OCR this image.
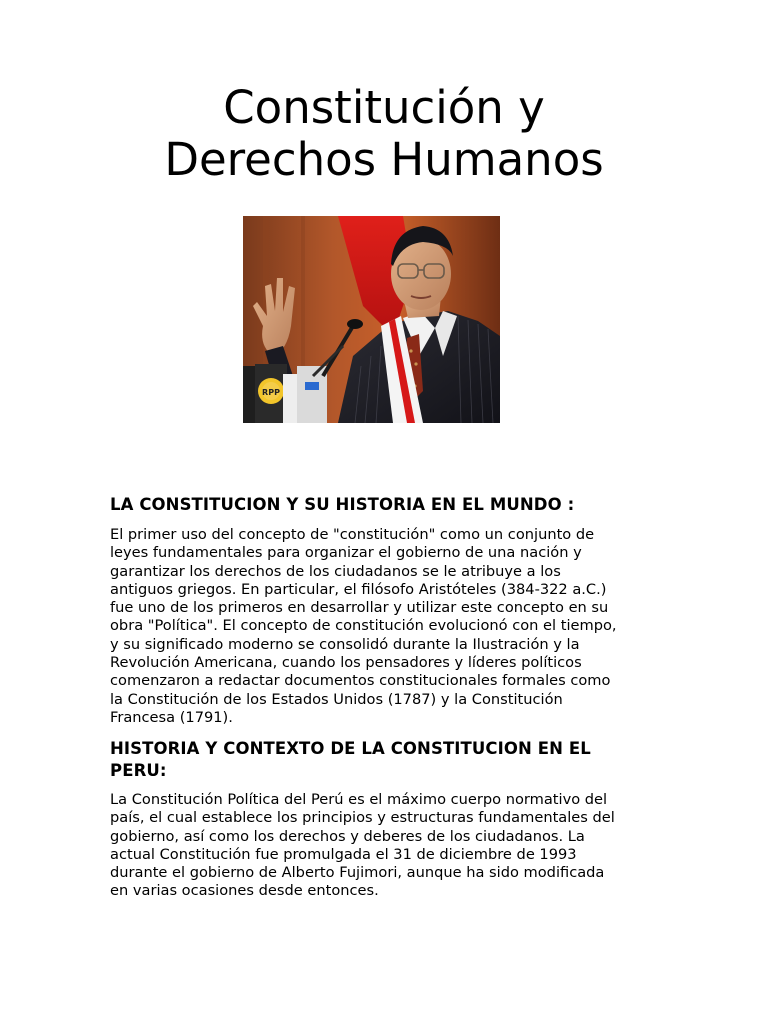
Constitución y
Derechos Humanos
RPP
LA CONSTITUCION Y SU HISTORIA EN EL MUNDO :
El primer uso del concepto de "constitución" como un conjunto de
leyes fundamentales para organizar el gobierno de una nación y
garantizar los derechos de los ciudadanos se le atribuye a los
antiguos griegos. En particular, el filósofo Aristóteles (384-322 a.C.)
fue uno de los primeros en desarrollar y utilizar este concepto en su
obra "Política". El concepto de constitución evolucionó con el tiempo,
y su significado moderno se consolidó durante la Ilustración y la
Revolución Americana, cuando los pensadores y líderes políticos
comenzaron a redactar documentos constitucionales formales como
la Constitución de los Estados Unidos (1787) y la Constitución
Francesa (1791).
HISTORIA Y CONTEXTO DE LA CONSTITUCION EN EL
PERU:
La Constitución Política del Perú es el máximo cuerpo normativo del
país, el cual establece los principios y estructuras fundamentales del
gobierno, así como los derechos y deberes de los ciudadanos. La
actual Constitución fue promulgada el 31 de diciembre de 1993
durante el gobierno de Alberto Fujimori, aunque ha sido modificada
en varias ocasiones desde entonces.
